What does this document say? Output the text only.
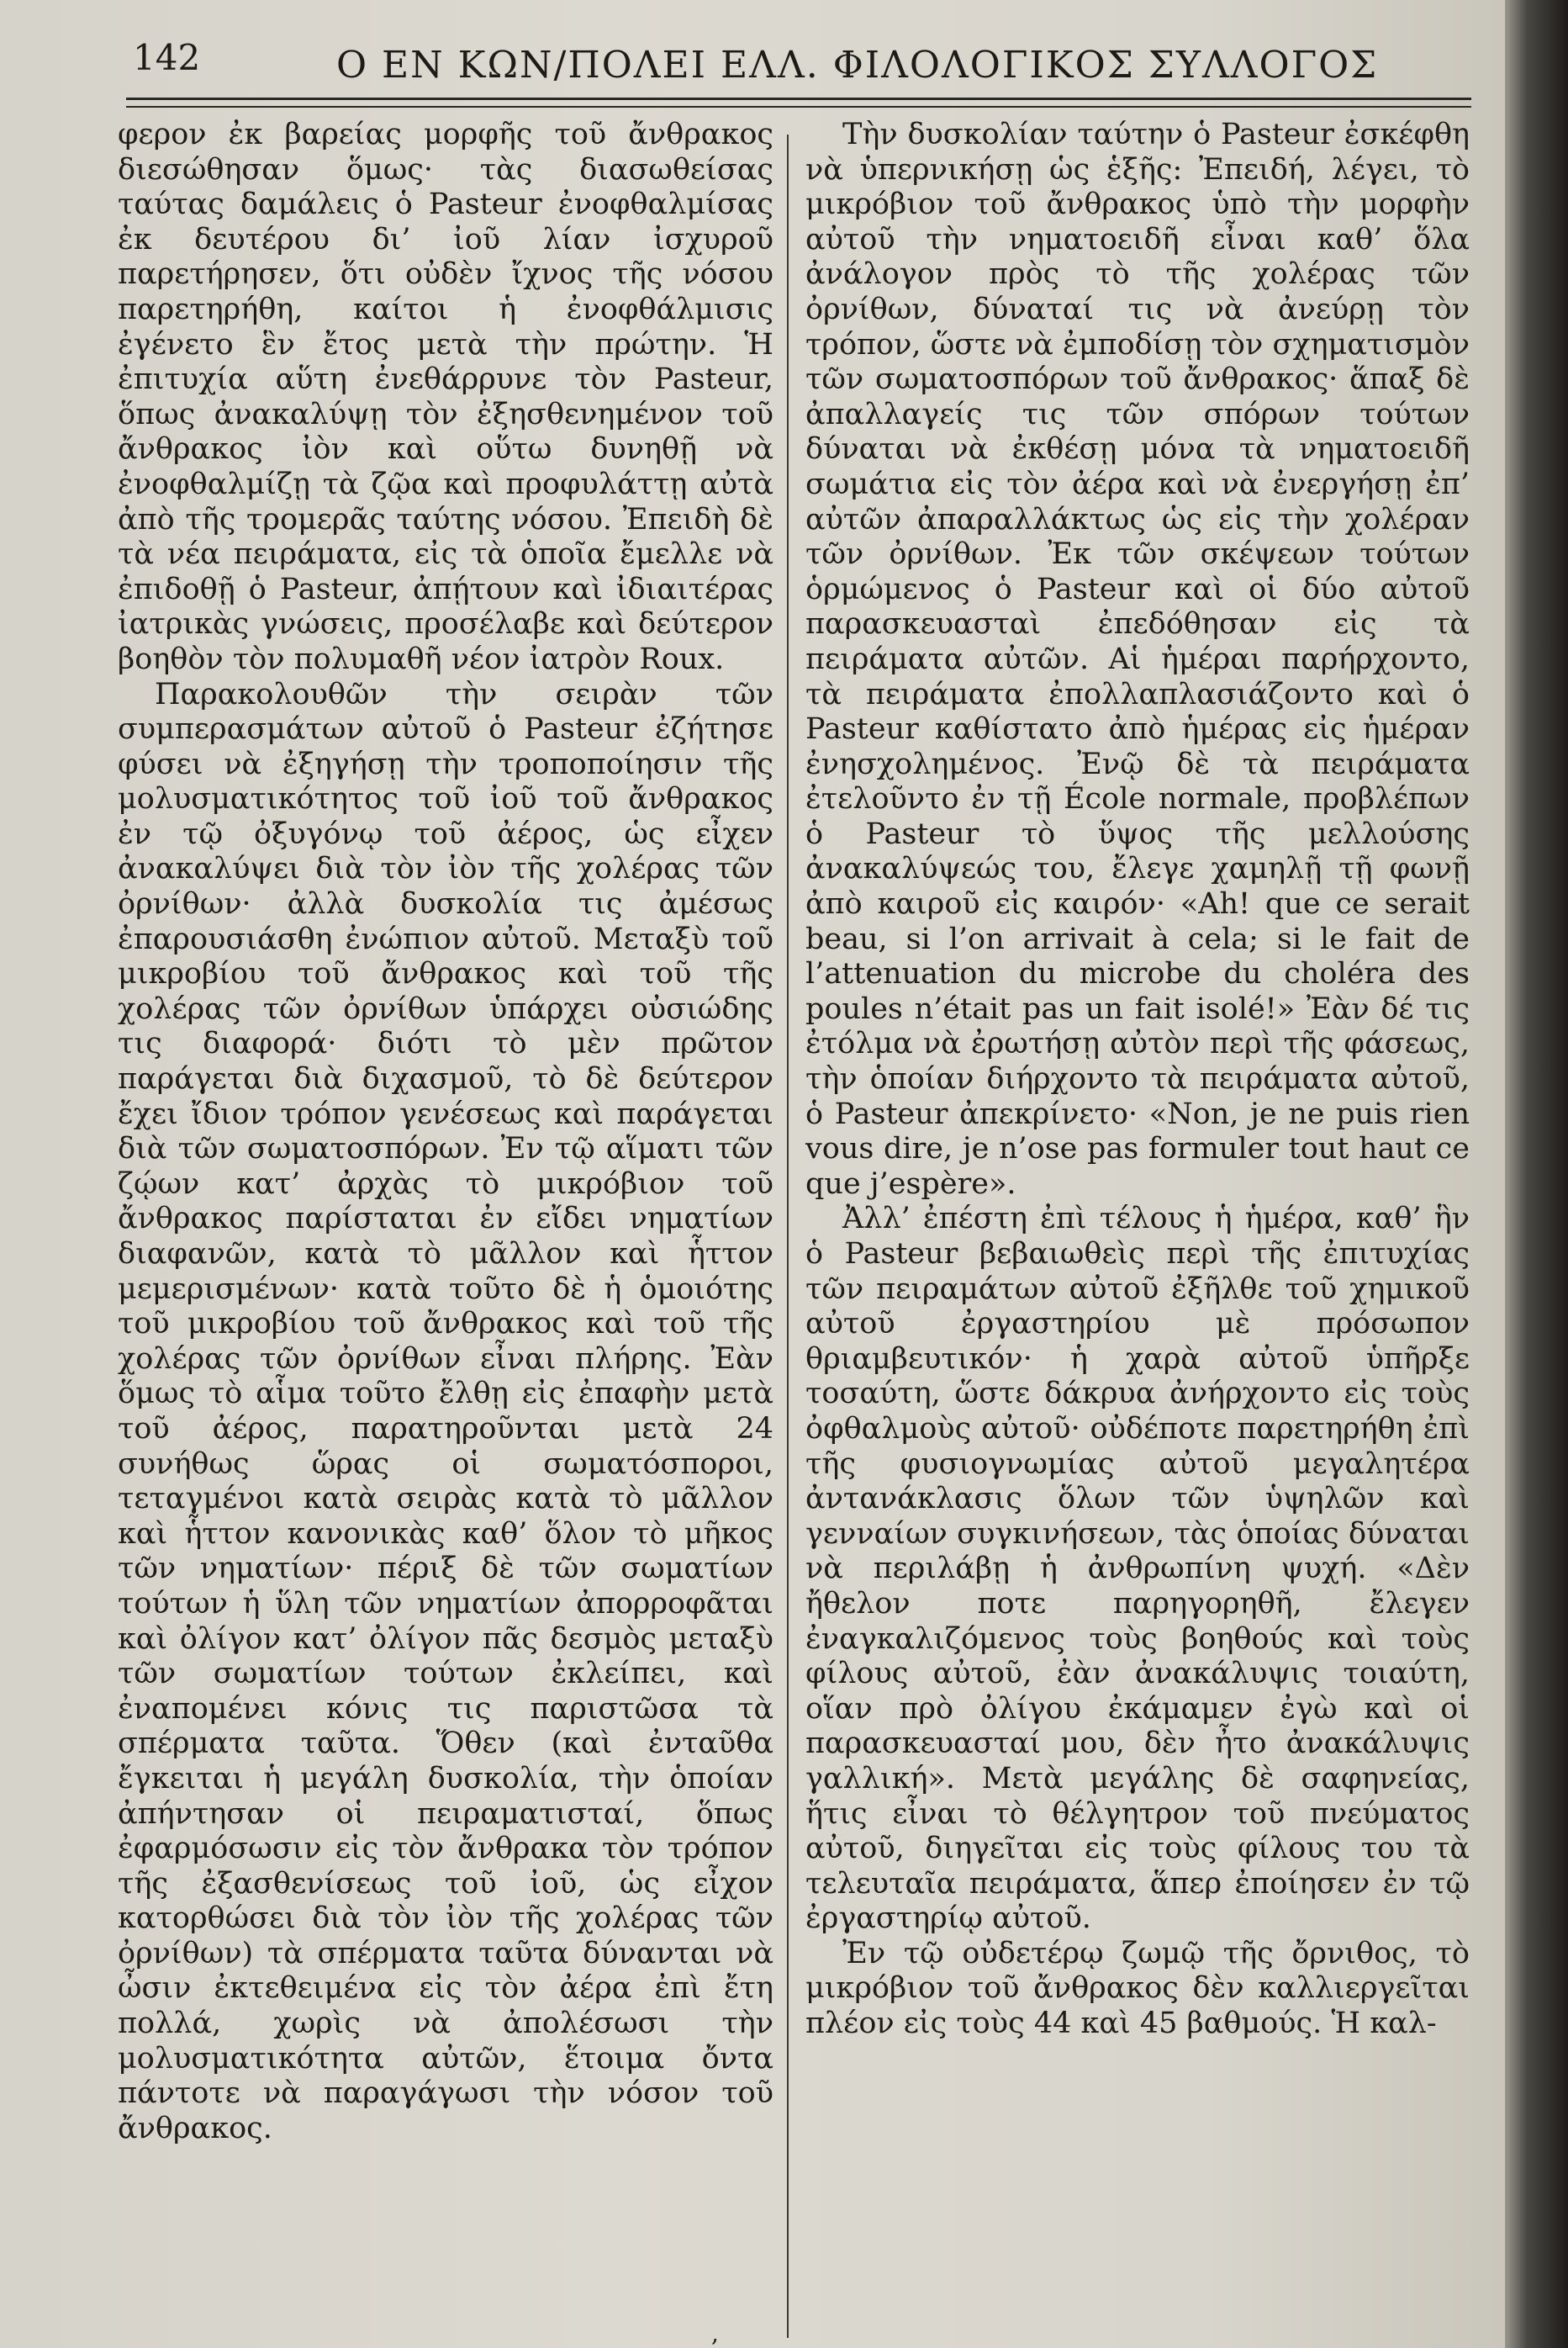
142	Ο ΕΝ ΚΩΝ/ΠΟΛΕΙ ΕΛΛ. ΦΙΛΟΛΟΓΙΚΟΣ ΣΥΛΛΟΓΟΣ

φερον ἐκ βαρείας μορφῆς τοῦ ἄνθρακος διεσώθησαν ὅμως· τὰς διασωθείσας ταύτας δαμάλεις ὁ Pasteur ἐνοφθαλμίσας ἐκ δευτέρου δι’ ἰοῦ λίαν ἰσχυροῦ παρετήρησεν, ὅτι οὐδὲν ἴχνος τῆς νόσου παρετηρήθη, καίτοι ἡ ἐνοφθάλμισις ἐγένετο ἓν ἔτος μετὰ τὴν πρώτην. Ἡ ἐπιτυχία αὕτη ἐνεθάρρυνε τὸν Pasteur, ὅπως ἀνακαλύψῃ τὸν ἐξησθενημένον τοῦ ἄνθρακος ἰὸν καὶ οὕτω δυνηθῇ νὰ ἐνοφθαλμίζῃ τὰ ζῷα καὶ προφυλάττῃ αὐτὰ ἀπὸ τῆς τρομερᾶς ταύτης νόσου. Ἐπειδὴ δὲ τὰ νέα πειράματα, εἰς τὰ ὁποῖα ἔμελλε νὰ ἐπιδοθῇ ὁ Pasteur, ἀπῄτουν καὶ ἰδιαιτέρας ἰατρικὰς γνώσεις, προσέλαβε καὶ δεύτερον βοηθὸν τὸν πολυμαθῆ νέον ἰατρὸν Roux.

Παρακολουθῶν τὴν σειρὰν τῶν συμπερασμάτων αὐτοῦ ὁ Pasteur ἐζήτησε φύσει νὰ ἐξηγήσῃ τὴν τροποποίησιν τῆς μολυσματικότητος τοῦ ἰοῦ τοῦ ἄνθρακος ἐν τῷ ὀξυγόνῳ τοῦ ἀέρος, ὡς εἶχεν ἀνακαλύψει διὰ τὸν ἰὸν τῆς χολέρας τῶν ὀρνίθων· ἀλλὰ δυσκολία τις ἀμέσως ἐπαρουσιάσθη ἐνώπιον αὐτοῦ. Μεταξὺ τοῦ μικροβίου τοῦ ἄνθρακος καὶ τοῦ τῆς χολέρας τῶν ὀρνίθων ὑπάρχει οὐσιώδης τις διαφορά· διότι τὸ μὲν πρῶτον παράγεται διὰ διχασμοῦ, τὸ δὲ δεύτερον ἔχει ἴδιον τρόπον γενέσεως καὶ παράγεται διὰ τῶν σωματοσπόρων. Ἐν τῷ αἵματι τῶν ζῴων κατ’ ἀρχὰς τὸ μικρόβιον τοῦ ἄνθρακος παρίσταται ἐν εἴδει νηματίων διαφανῶν, κατὰ τὸ μᾶλλον καὶ ἧττον μεμερισμένων· κατὰ τοῦτο δὲ ἡ ὁμοιότης τοῦ μικροβίου τοῦ ἄνθρακος καὶ τοῦ τῆς χολέρας τῶν ὀρνίθων εἶναι πλήρης. Ἐὰν ὅμως τὸ αἷμα τοῦτο ἔλθῃ εἰς ἐπαφὴν μετὰ τοῦ ἀέρος, παρατηροῦνται μετὰ 24 συνήθως ὥρας οἱ σωματόσποροι, τεταγμένοι κατὰ σειρὰς κατὰ τὸ μᾶλλον καὶ ἧττον κανονικὰς καθ’ ὅλον τὸ μῆκος τῶν νηματίων· πέριξ δὲ τῶν σωματίων τούτων ἡ ὕλη τῶν νηματίων ἀπορροφᾶται καὶ ὀλίγον κατ’ ὀλίγον πᾶς δεσμὸς μεταξὺ τῶν σωματίων τούτων ἐκλείπει, καὶ ἐναπομένει κόνις τις παριστῶσα τὰ σπέρματα ταῦτα. Ὅθεν (καὶ ἐνταῦθα ἔγκειται ἡ μεγάλη δυσκολία, τὴν ὁποίαν ἀπήντησαν οἱ πειραματισταί, ὅπως ἐφαρμόσωσιν εἰς τὸν ἄνθρακα τὸν τρόπον τῆς ἐξασθενίσεως τοῦ ἰοῦ, ὡς εἶχον κατορθώσει διὰ τὸν ἰὸν τῆς χολέρας τῶν ὀρνίθων) τὰ σπέρματα ταῦτα δύνανται νὰ ὦσιν ἐκτεθειμένα εἰς τὸν ἀέρα ἐπὶ ἔτη πολλά, χωρὶς νὰ ἀπολέσωσι τὴν μολυσματικότητα αὐτῶν, ἕτοιμα ὄντα πάντοτε νὰ παραγάγωσι τὴν νόσον τοῦ ἄνθρακος.

Τὴν δυσκολίαν ταύτην ὁ Pasteur ἐσκέφθη νὰ ὑπερνικήσῃ ὡς ἑξῆς: Ἐπειδή, λέγει, τὸ μικρόβιον τοῦ ἄνθρακος ὑπὸ τὴν μορφὴν αὐτοῦ τὴν νηματοειδῆ εἶναι καθ’ ὅλα ἀνάλογον πρὸς τὸ τῆς χολέρας τῶν ὀρνίθων, δύναταί τις νὰ ἀνεύρῃ τὸν τρόπον, ὥστε νὰ ἐμποδίσῃ τὸν σχηματισμὸν τῶν σωματοσπόρων τοῦ ἄνθρακος· ἅπαξ δὲ ἀπαλλαγείς τις τῶν σπόρων τούτων δύναται νὰ ἐκθέσῃ μόνα τὰ νηματοειδῆ σωμάτια εἰς τὸν ἀέρα καὶ νὰ ἐνεργήσῃ ἐπ’ αὐτῶν ἀπαραλλάκτως ὡς εἰς τὴν χολέραν τῶν ὀρνίθων. Ἐκ τῶν σκέψεων τούτων ὁρμώμενος ὁ Pasteur καὶ οἱ δύο αὐτοῦ παρασκευασταὶ ἐπεδόθησαν εἰς τὰ πειράματα αὐτῶν. Αἱ ἡμέραι παρήρχοντο, τὰ πειράματα ἐπολλαπλασιάζοντο καὶ ὁ Pasteur καθίστατο ἀπὸ ἡμέρας εἰς ἡμέραν ἐνησχολημένος. Ἐνῷ δὲ τὰ πειράματα ἐτελοῦντο ἐν τῇ École normale, προβλέπων ὁ Pasteur τὸ ὕψος τῆς μελλούσης ἀνακαλύψεώς του, ἔλεγε χαμηλῇ τῇ φωνῇ ἀπὸ καιροῦ εἰς καιρόν· «Ah! que ce serait beau, si l’on arrivait à cela; si le fait de l’attenuation du microbe du choléra des poules n’était pas un fait isolé!» Ἐὰν δέ τις ἐτόλμα νὰ ἐρωτήσῃ αὐτὸν περὶ τῆς φάσεως, τὴν ὁποίαν διήρχοντο τὰ πειράματα αὐτοῦ, ὁ Pasteur ἀπεκρίνετο· «Non, je ne puis rien vous dire, je n’ose pas formuler tout haut ce que j’espère».

Ἀλλ’ ἐπέστη ἐπὶ τέλους ἡ ἡμέρα, καθ’ ἣν ὁ Pasteur βεβαιωθεὶς περὶ τῆς ἐπιτυχίας τῶν πειραμάτων αὐτοῦ ἐξῆλθε τοῦ χημικοῦ αὐτοῦ ἐργαστηρίου μὲ πρόσωπον θριαμβευτικόν· ἡ χαρὰ αὐτοῦ ὑπῆρξε τοσαύτη, ὥστε δάκρυα ἀνήρχοντο εἰς τοὺς ὀφθαλμοὺς αὐτοῦ· οὐδέποτε παρετηρήθη ἐπὶ τῆς φυσιογνωμίας αὐτοῦ μεγαλητέρα ἀντανάκλασις ὅλων τῶν ὑψηλῶν καὶ γενναίων συγκινήσεων, τὰς ὁποίας δύναται νὰ περιλάβῃ ἡ ἀνθρωπίνη ψυχή. «Δὲν ἤθελον ποτε παρηγορηθῆ, ἔλεγεν ἐναγκαλιζόμενος τοὺς βοηθούς καὶ τοὺς φίλους αὐτοῦ, ἐὰν ἀνακάλυψις τοιαύτη, οἵαν πρὸ ὀλίγου ἐκάμαμεν ἐγὼ καὶ οἱ παρασκευασταί μου, δὲν ἦτο ἀνακάλυψις γαλλική». Μετὰ μεγάλης δὲ σαφηνείας, ἥτις εἶναι τὸ θέλγητρον τοῦ πνεύματος αὐτοῦ, διηγεῖται εἰς τοὺς φίλους του τὰ τελευταῖα πειράματα, ἅπερ ἐποίησεν ἐν τῷ ἐργαστηρίῳ αὐτοῦ.

Ἐν τῷ οὐδετέρῳ ζωμῷ τῆς ὄρνιθος, τὸ μικρόβιον τοῦ ἄνθρακος δὲν καλλιεργεῖται πλέον εἰς τοὺς 44 καὶ 45 βαθμούς. Ἡ καλ-

,
